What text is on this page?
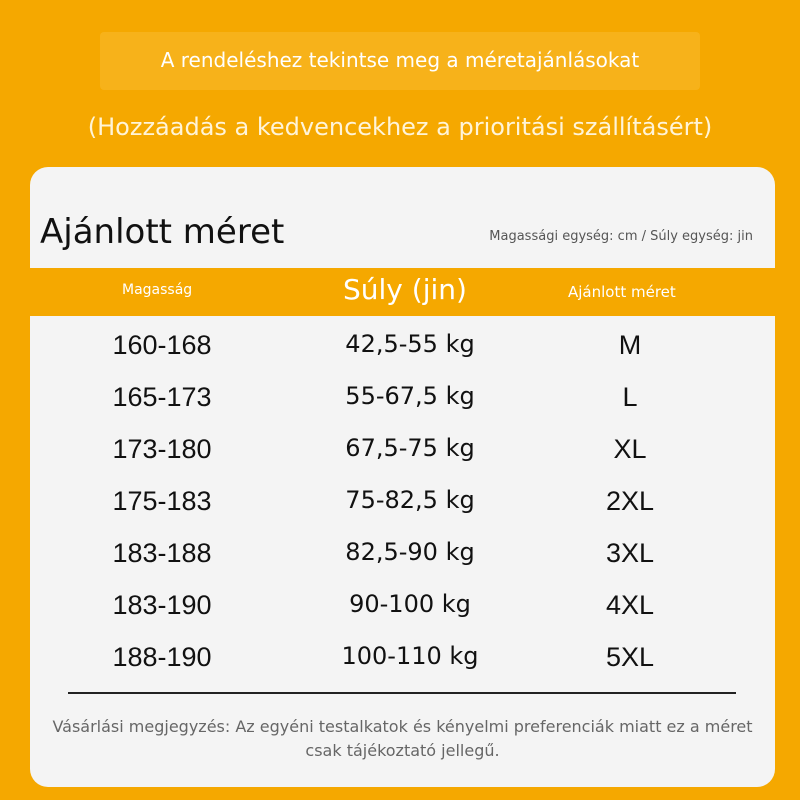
A rendeléshez tekintse meg a méretajánlásokat
(Hozzáadás a kedvencekhez a prioritási szállításért)
Ajánlott méret	Magassági egység: cm / Súly egység: jin
Magasság	Súly (jin)	Ajánlott méret
160-168	42,5-55 kg	M
165-173	55-67,5 kg	L
173-180	67,5-75 kg	XL
175-183	75-82,5 kg	2XL
183-188	82,5-90 kg	3XL
183-190	90-100 kg	4XL
188-190	100-110 kg	5XL
Vásárlási megjegyzés: Az egyéni testalkatok és kényelmi preferenciák miatt ez a méret csak tájékoztató jellegű.
